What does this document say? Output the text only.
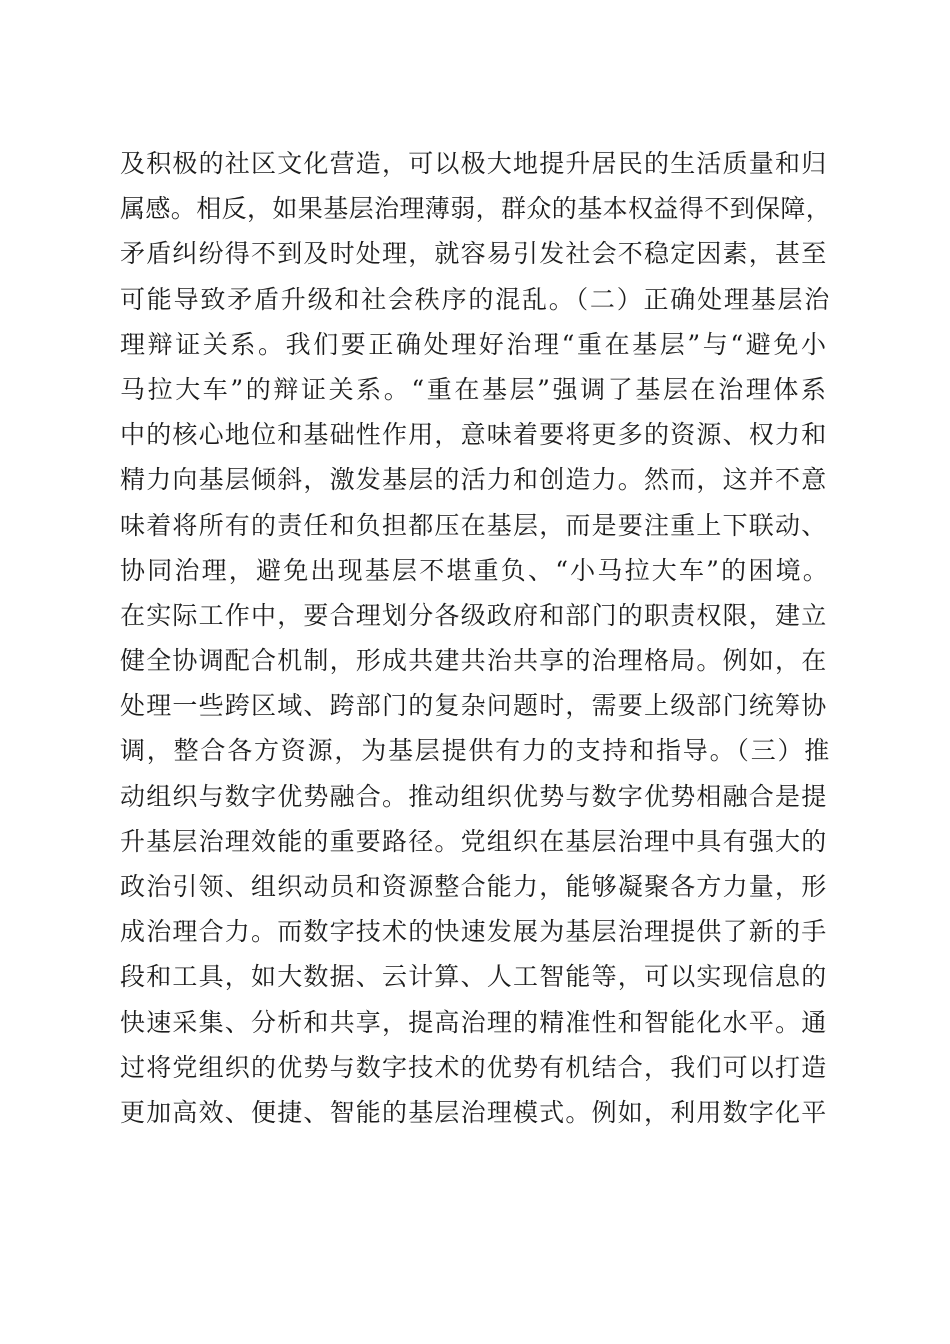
及积极的社区文化营造，可以极大地提升居民的生活质量和归
属感。相反，如果基层治理薄弱，群众的基本权益得不到保障，
矛盾纠纷得不到及时处理，就容易引发社会不稳定因素，甚至
可能导致矛盾升级和社会秩序的混乱。（二）正确处理基层治
理辩证关系。我们要正确处理好治理“重在基层”与“避免小
马拉大车”的辩证关系。“重在基层”强调了基层在治理体系
中的核心地位和基础性作用，意味着要将更多的资源、权力和
精力向基层倾斜，激发基层的活力和创造力。然而，这并不意
味着将所有的责任和负担都压在基层，而是要注重上下联动、
协同治理，避免出现基层不堪重负、“小马拉大车”的困境。
在实际工作中，要合理划分各级政府和部门的职责权限，建立
健全协调配合机制，形成共建共治共享的治理格局。例如，在
处理一些跨区域、跨部门的复杂问题时，需要上级部门统筹协
调，整合各方资源，为基层提供有力的支持和指导。（三）推
动组织与数字优势融合。推动组织优势与数字优势相融合是提
升基层治理效能的重要路径。党组织在基层治理中具有强大的
政治引领、组织动员和资源整合能力，能够凝聚各方力量，形
成治理合力。而数字技术的快速发展为基层治理提供了新的手
段和工具，如大数据、云计算、人工智能等，可以实现信息的
快速采集、分析和共享，提高治理的精准性和智能化水平。通
过将党组织的优势与数字技术的优势有机结合，我们可以打造
更加高效、便捷、智能的基层治理模式。例如，利用数字化平
